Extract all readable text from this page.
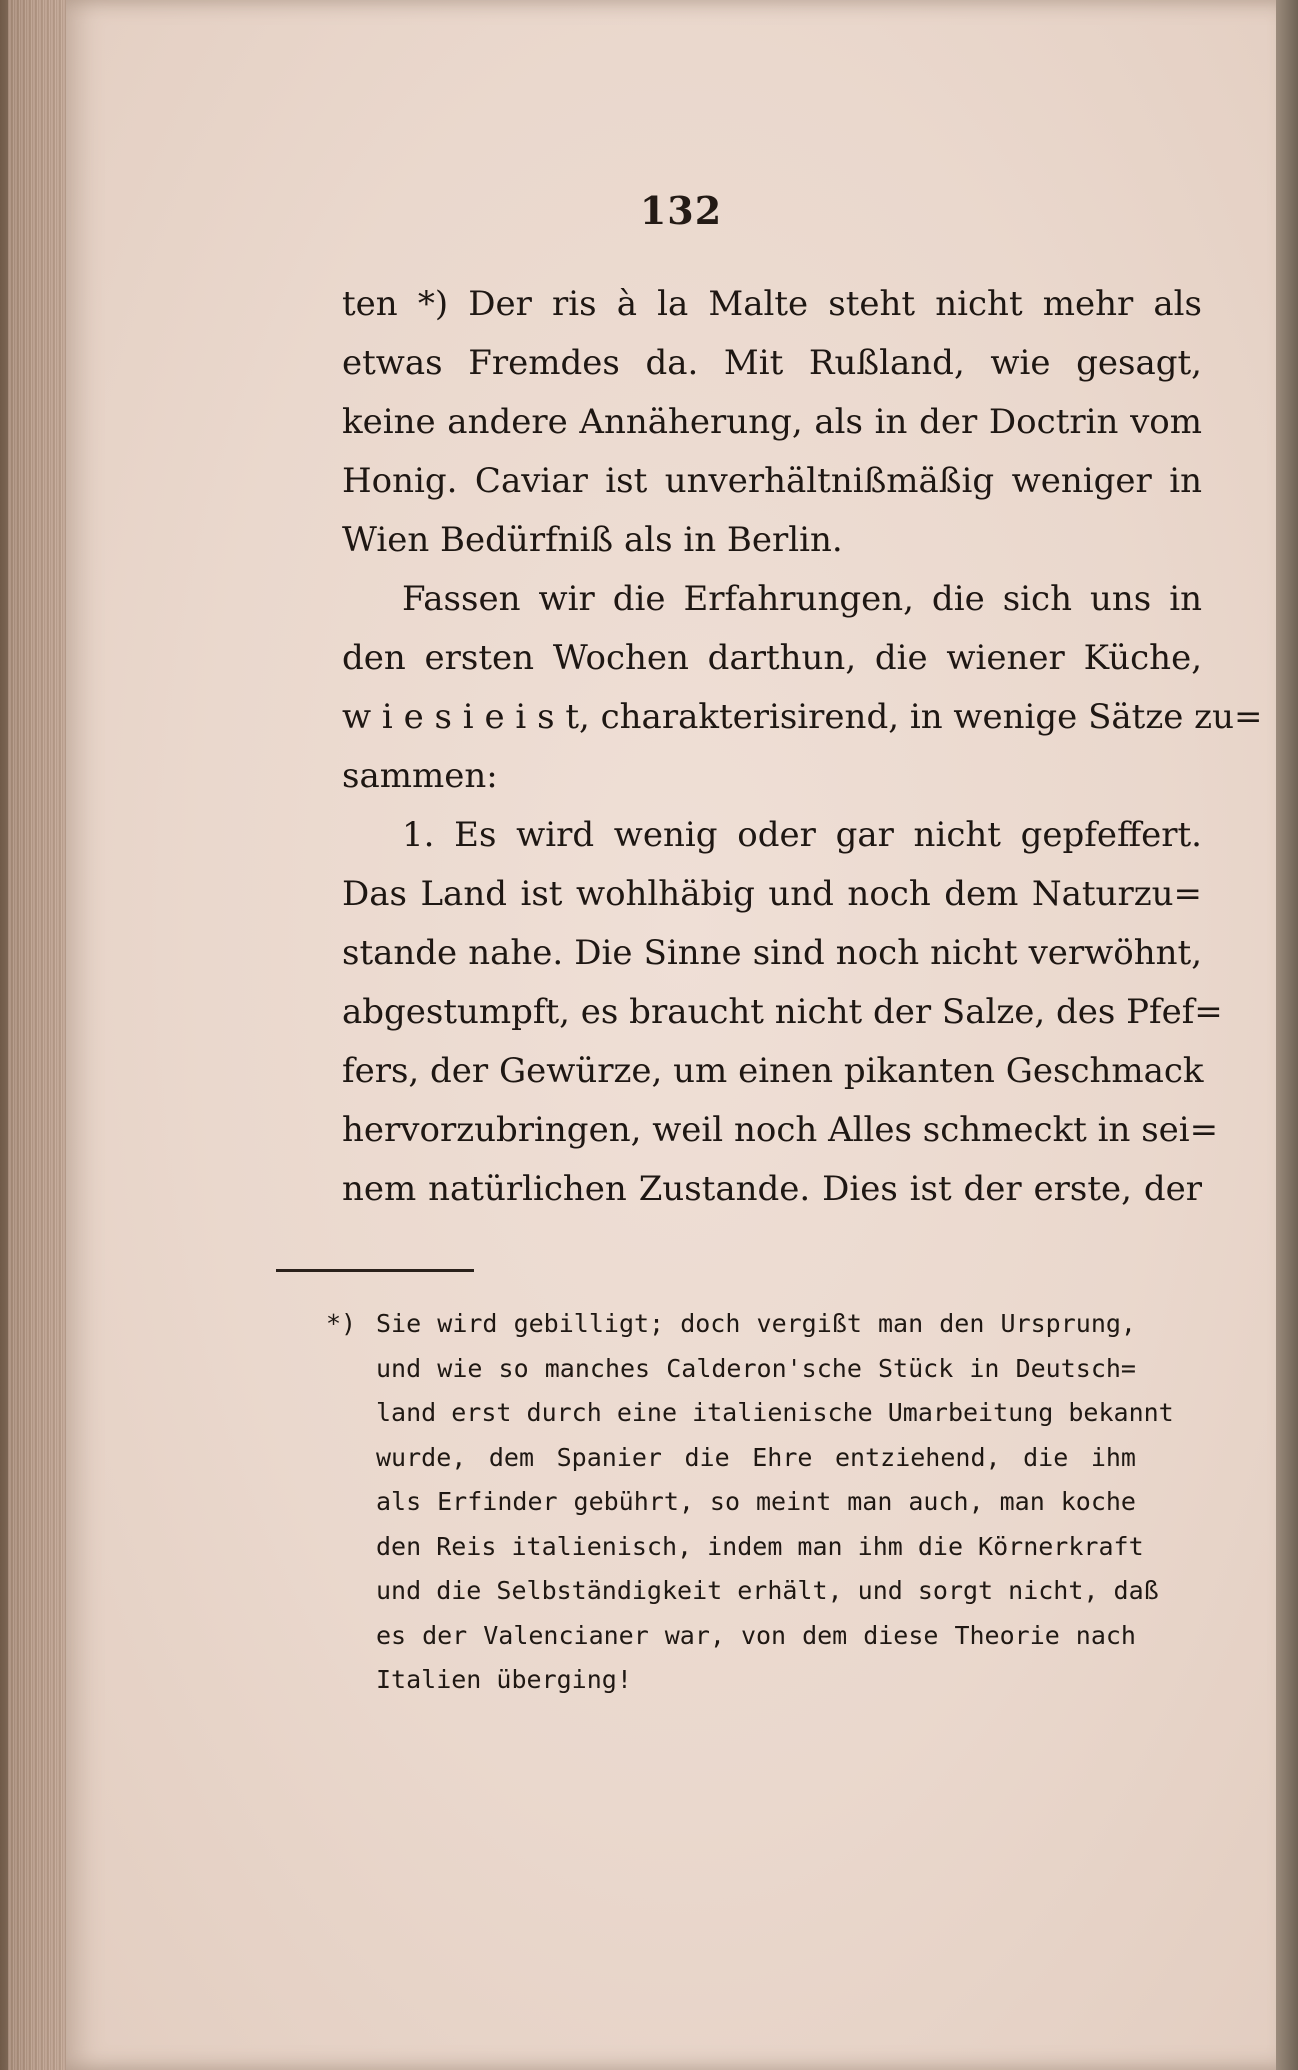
132
ten *) Der ris à la Malte steht nicht mehr als
etwas Fremdes da. Mit Rußland, wie gesagt,
keine andere Annäherung, als in der Doctrin vom
Honig. Caviar ist unverhältnißmäßig weniger in
Wien Bedürfniß als in Berlin.
Fassen wir die Erfahrungen, die sich uns in
den ersten Wochen darthun, die wiener Küche,
w i e s i e i s t, charakterisirend, in wenige Sätze zu=
sammen:
1. Es wird wenig oder gar nicht gepfeffert.
Das Land ist wohlhäbig und noch dem Naturzu=
stande nahe. Die Sinne sind noch nicht verwöhnt,
abgestumpft, es braucht nicht der Salze, des Pfef=
fers, der Gewürze, um einen pikanten Geschmack
hervorzubringen, weil noch Alles schmeckt in sei=
nem natürlichen Zustande. Dies ist der erste, der
*) Sie wird gebilligt; doch vergißt man den Ursprung,
und wie so manches Calderon'sche Stück in Deutsch=
land erst durch eine italienische Umarbeitung bekannt
wurde, dem Spanier die Ehre entziehend, die ihm
als Erfinder gebührt, so meint man auch, man koche
den Reis italienisch, indem man ihm die Körnerkraft
und die Selbständigkeit erhält, und sorgt nicht, daß
es der Valencianer war, von dem diese Theorie nach
Italien überging!
